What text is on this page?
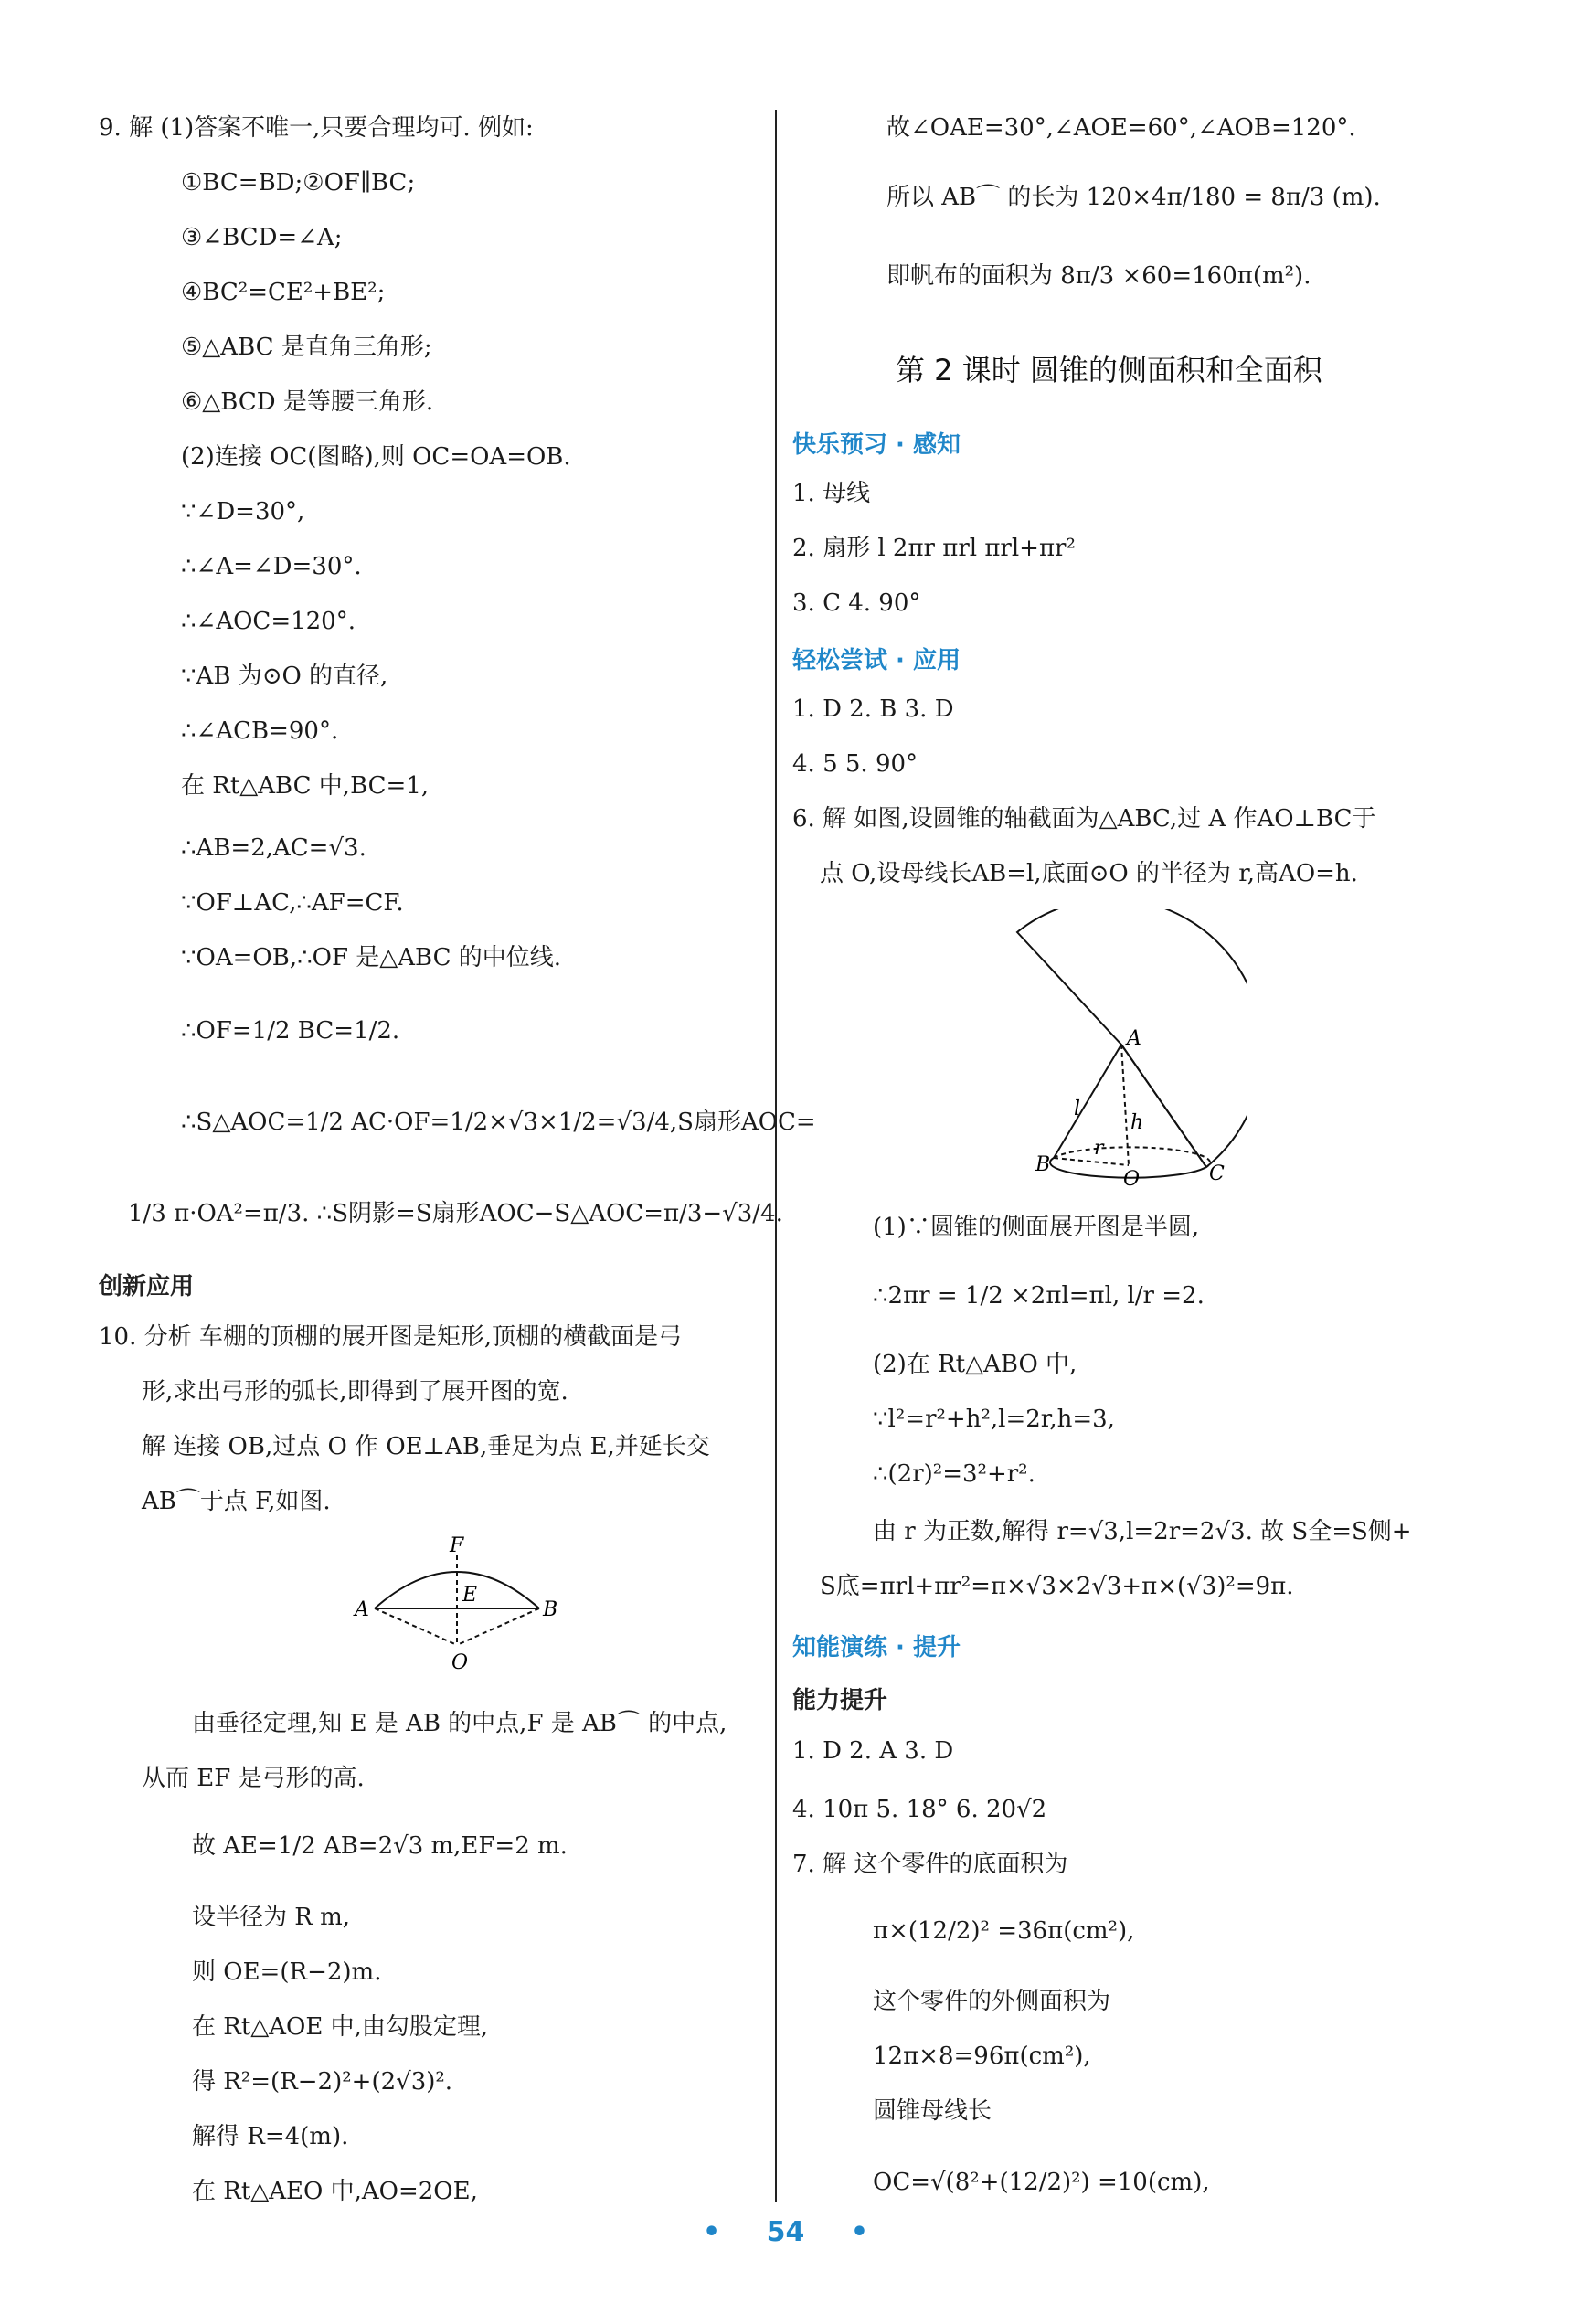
9. 解 (1)答案不唯一,只要合理均可. 例如:
①BC=BD;②OF∥BC;
③∠BCD=∠A;
④BC²=CE²+BE²;
⑤△ABC 是直角三角形;
⑥△BCD 是等腰三角形.
(2)连接 OC(图略),则 OC=OA=OB.
∵∠D=30°,
∴∠A=∠D=30°.
∴∠AOC=120°.
∵AB 为⊙O 的直径,
∴∠ACB=90°.
在 Rt△ABC 中,BC=1,
∴AB=2,AC=√3.
∵OF⊥AC,∴AF=CF.
∵OA=OB,∴OF 是△ABC 的中位线.
∴OF=1/2 BC=1/2.
∴S△AOC=1/2 AC·OF=1/2×√3×1/2=√3/4,S扇形AOC=
1/3 π·OA²=π/3. ∴S阴影=S扇形AOC−S△AOC=π/3−√3/4.
创新应用
10. 分析 车棚的顶棚的展开图是矩形,顶棚的横截面是弓
形,求出弓形的弧长,即得到了展开图的宽.
解 连接 OB,过点 O 作 OE⊥AB,垂足为点 E,并延长交
AB⌒于点 F,如图.
F
E
A	B
O
由垂径定理,知 E 是 AB 的中点,F 是 AB⌒ 的中点,
从而 EF 是弓形的高.
故 AE=1/2 AB=2√3 m,EF=2 m.
设半径为 R m,
则 OE=(R−2)m.
在 Rt△AOE 中,由勾股定理,
得 R²=(R−2)²+(2√3)².
解得 R=4(m).
在 Rt△AEO 中,AO=2OE,
故∠OAE=30°,∠AOE=60°,∠AOB=120°.
所以 AB⌒ 的长为 120×4π/180 = 8π/3 (m).
即帆布的面积为 8π/3 ×60=160π(m²).
第 2 课时 圆锥的侧面积和全面积
快乐预习 · 感知
1. 母线
2. 扇形 l 2πr πrl πrl+πr²
3. C 4. 90°
轻松尝试 · 应用
1. D 2. B 3. D
4. 5 5. 90°
6. 解 如图,设圆锥的轴截面为△ABC,过 A 作AO⊥BC于
点 O,设母线长AB=l,底面⊙O 的半径为 r,高AO=h.
A
B	C
O
l
h
r
(1)∵圆锥的侧面展开图是半圆,
∴2πr = 1/2 ×2πl=πl, l/r =2.
(2)在 Rt△ABO 中,
∵l²=r²+h²,l=2r,h=3,
∴(2r)²=3²+r².
由 r 为正数,解得 r=√3,l=2r=2√3. 故 S全=S侧+
S底=πrl+πr²=π×√3×2√3+π×(√3)²=9π.
知能演练 · 提升
能力提升
1. D 2. A 3. D
4. 10π 5. 18° 6. 20√2
7. 解 这个零件的底面积为
π×(12/2)² =36π(cm²),
这个零件的外侧面积为
12π×8=96π(cm²),
圆锥母线长
OC=√(8²+(12/2)²) =10(cm),
• 54 •
